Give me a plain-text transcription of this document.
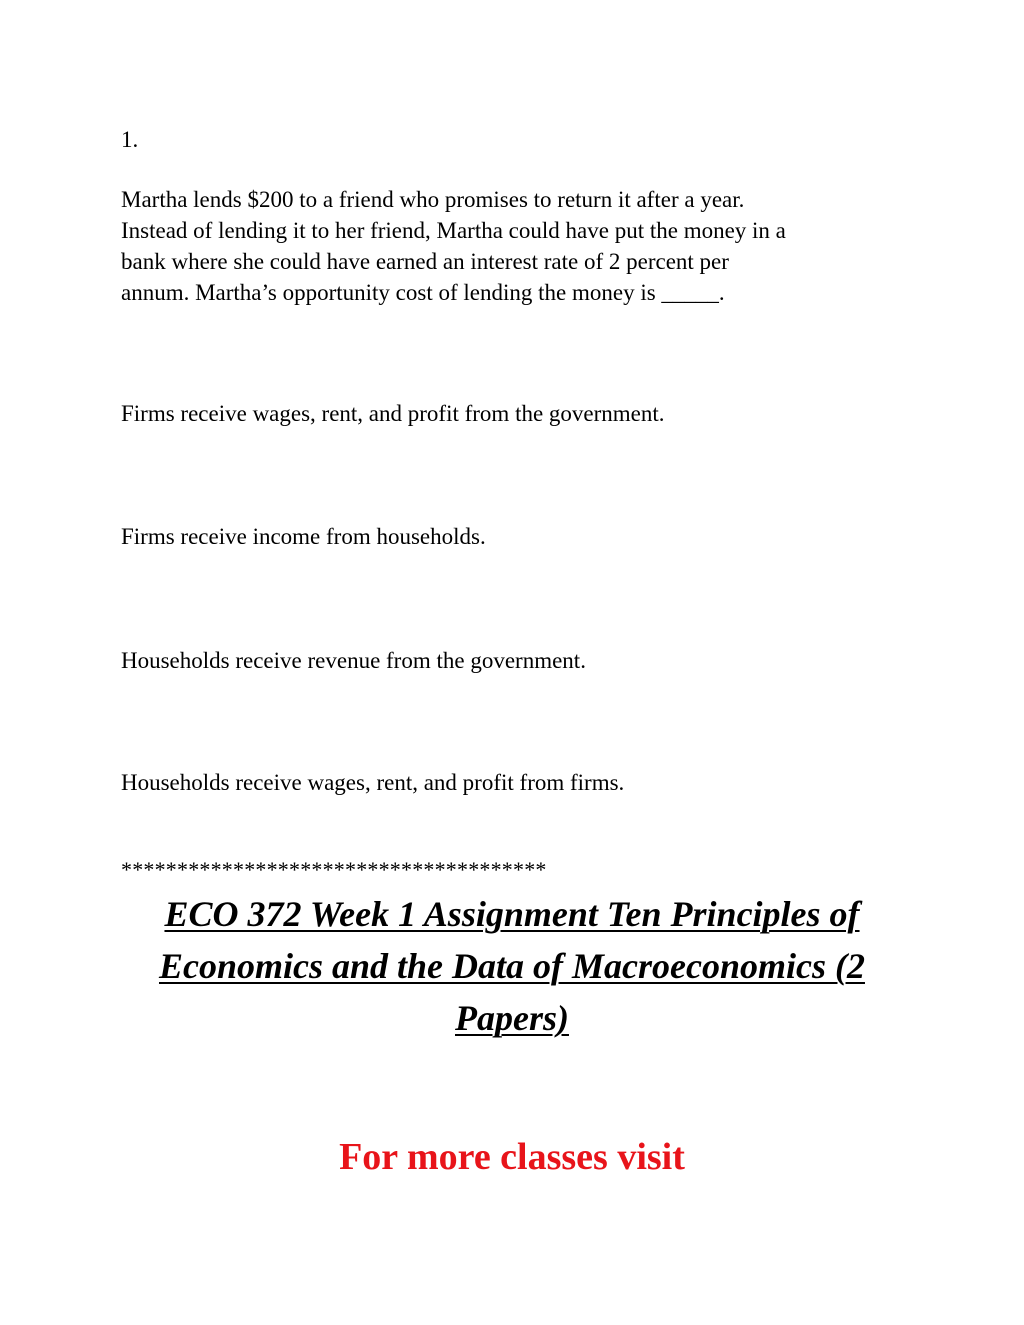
1.

Martha lends $200 to a friend who promises to return it after a year.
Instead of lending it to her friend, Martha could have put the money in a
bank where she could have earned an interest rate of 2 percent per
annum. Martha’s opportunity cost of lending the money is _____.

Firms receive wages, rent, and profit from the government.

Firms receive income from households.

Households receive revenue from the government.

Households receive wages, rent, and profit from firms.

**************************************
ECO 372 Week 1 Assignment Ten Principles of
Economics and the Data of Macroeconomics (2
Papers)
For more classes visit
